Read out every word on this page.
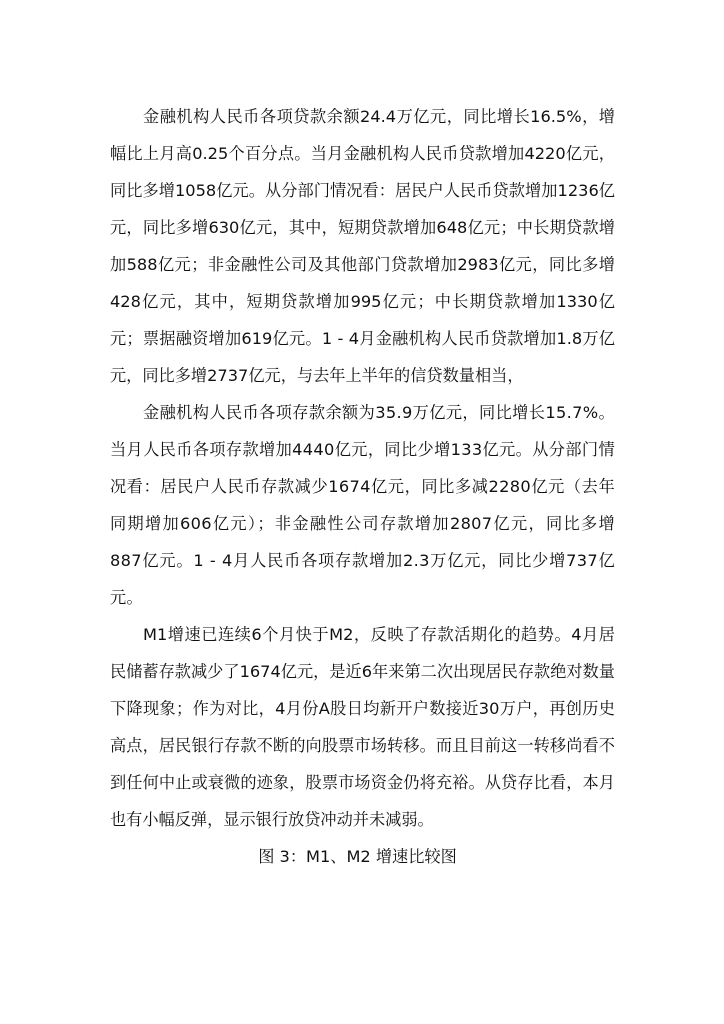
金融机构人民币各项贷款余额24.4万亿元，同比增长16.5%，增幅比上月高0.25个百分点。当月金融机构人民币贷款增加4220亿元，同比多增1058亿元。从分部门情况看：居民户人民币贷款增加1236亿元，同比多增630亿元，其中，短期贷款增加648亿元；中长期贷款增加588亿元；非金融性公司及其他部门贷款增加2983亿元，同比多增428亿元，其中，短期贷款增加995亿元；中长期贷款增加1330亿元；票据融资增加619亿元。1 - 4月金融机构人民币贷款增加1.8万亿元，同比多增2737亿元，与去年上半年的信贷数量相当，

金融机构人民币各项存款余额为35.9万亿元，同比增长15.7%。当月人民币各项存款增加4440亿元，同比少增133亿元。从分部门情况看：居民户人民币存款减少1674亿元，同比多减2280亿元（去年同期增加606亿元）；非金融性公司存款增加2807亿元，同比多增887亿元。1 - 4月人民币各项存款增加2.3万亿元，同比少增737亿元。

M1增速已连续6个月快于M2，反映了存款活期化的趋势。4月居民储蓄存款减少了1674亿元，是近6年来第二次出现居民存款绝对数量下降现象；作为对比，4月份A股日均新开户数接近30万户，再创历史高点，居民银行存款不断的向股票市场转移。而且目前这一转移尚看不到任何中止或衰微的迹象，股票市场资金仍将充裕。从贷存比看，本月也有小幅反弹，显示银行放贷冲动并未减弱。

图 3：M1、M2 增速比较图
